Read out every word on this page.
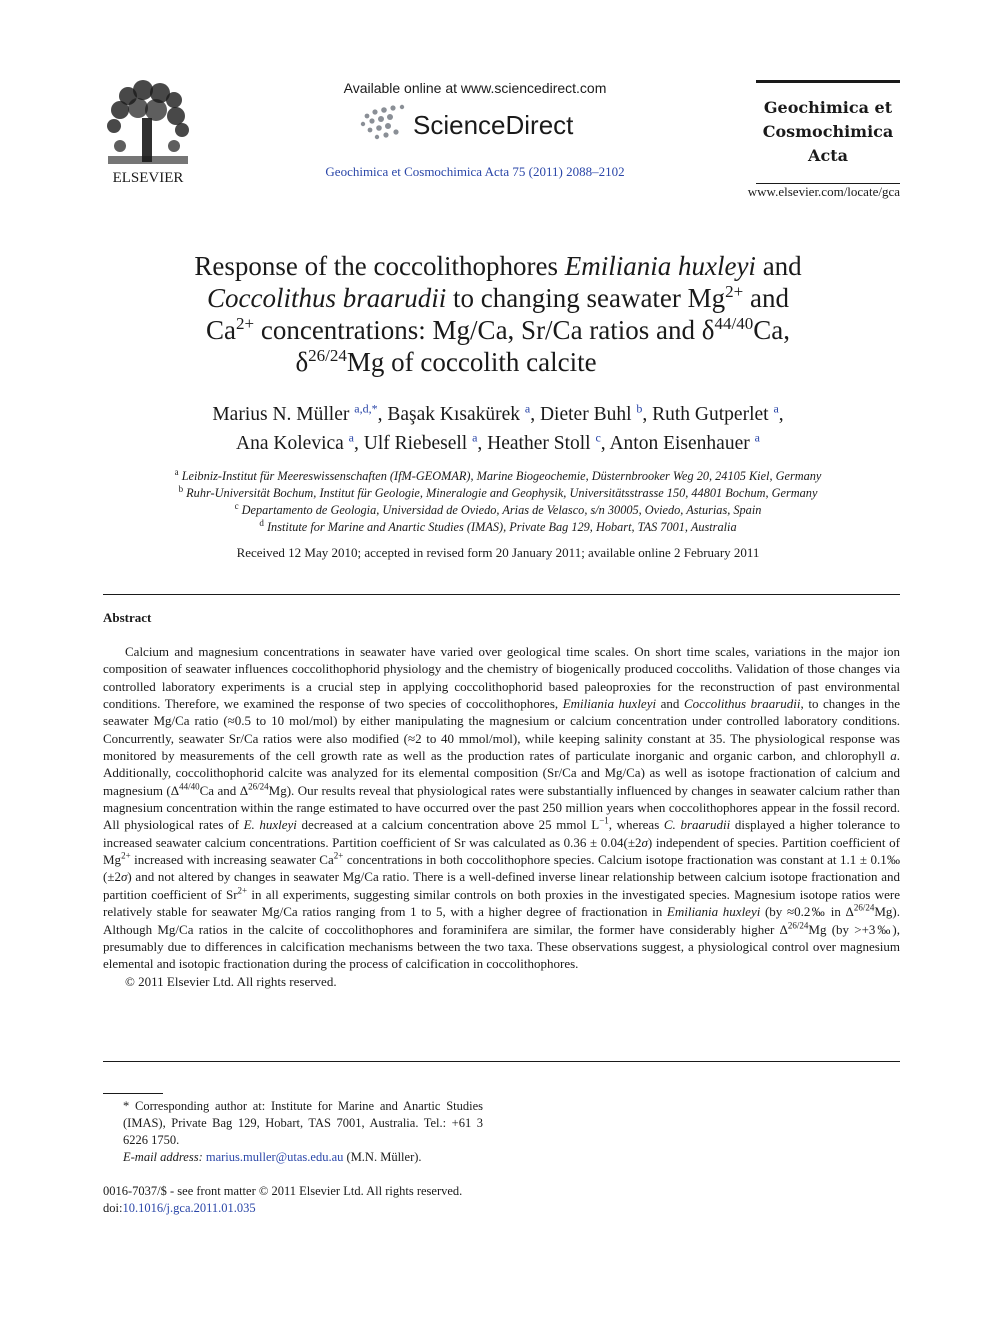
ELSEVIER
Available online at www.sciencedirect.com
ScienceDirect
Geochimica et Cosmochimica Acta 75 (2011) 2088–2102
Geochimica et
Cosmochimica
Acta
www.elsevier.com/locate/gca
Response of the coccolithophores Emiliania huxleyi and
Coccolithus braarudii to changing seawater $Mg^{2+}$ and
$Ca^{2+}$ concentrations: Mg/Ca, Sr/Ca ratios and $\delta^{44/40}Ca$,
$\delta^{26/24}Mg$ of coccolith calcite
Marius N. Müller $^{a,d,*}$, Başak Kısakürek $^a$, Dieter Buhl $^b$, Ruth Gutperlet $^a$,
Ana Kolevica $^a$, Ulf Riebesell $^a$, Heather Stoll $^c$, Anton Eisenhauer $^a$
$^a$ Leibniz-Institut für Meereswissenschaften (IfM-GEOMAR), Marine Biogeochemie, Düsternbrooker Weg 20, 24105 Kiel, Germany
$^b$ Ruhr-Universität Bochum, Institut für Geologie, Mineralogie and Geophysik, Universitätsstrasse 150, 44801 Bochum, Germany
$^c$ Departamento de Geologia, Universidad de Oviedo, Arias de Velasco, s/n 30005, Oviedo, Asturias, Spain
$^d$ Institute for Marine and Anartic Studies (IMAS), Private Bag 129, Hobart, TAS 7001, Australia
Received 12 May 2010; accepted in revised form 20 January 2011; available online 2 February 2011
Abstract

Calcium and magnesium concentrations in seawater have varied over geological time scales. On short time scales, variations in the major ion composition of seawater influences coccolithophorid physiology and the chemistry of biogenically produced coccoliths. Validation of those changes via controlled laboratory experiments is a crucial step in applying coccolithophorid based paleoproxies for the reconstruction of past environmental conditions. Therefore, we examined the response of two species of coccolithophores, Emiliania huxleyi and Coccolithus braarudii, to changes in the seawater Mg/Ca ratio (≈0.5 to 10 mol/mol) by either manipulating the magnesium or calcium concentration under controlled laboratory conditions. Concurrently, seawater Sr/Ca ratios were also modified (≈2 to 40 mmol/mol), while keeping salinity constant at 35. The physiological response was monitored by measurements of the cell growth rate as well as the production rates of particulate inorganic and organic carbon, and chlorophyll a. Additionally, coccolithophorid calcite was analyzed for its elemental composition (Sr/Ca and Mg/Ca) as well as isotope fractionation of calcium and magnesium ($\Delta^{44/40}Ca$ and $\Delta^{26/24}Mg$). Our results reveal that physiological rates were substantially influenced by changes in seawater calcium rather than magnesium concentration within the range estimated to have occurred over the past 250 million years when coccolithophores appear in the fossil record. All physiological rates of E. huxleyi decreased at a calcium concentration above 25 mmol $L^{-1}$, whereas C. braarudii displayed a higher tolerance to increased seawater calcium concentrations. Partition coefficient of Sr was calculated as 0.36 ± 0.04(±2σ) independent of species. Partition coefficient of $Mg^{2+}$ increased with increasing seawater $Ca^{2+}$ concentrations in both coccolithophore species. Calcium isotope fractionation was constant at 1.1 ± 0.1‰ (±2σ) and not altered by changes in seawater Mg/Ca ratio. There is a well-defined inverse linear relationship between calcium isotope fractionation and partition coefficient of $Sr^{2+}$ in all experiments, suggesting similar controls on both proxies in the investigated species. Magnesium isotope ratios were relatively stable for seawater Mg/Ca ratios ranging from 1 to 5, with a higher degree of fractionation in Emiliania huxleyi (by ≈0.2‰ in $\Delta^{26/24}Mg$). Although Mg/Ca ratios in the calcite of coccolithophores and foraminifera are similar, the former have considerably higher $\Delta^{26/24}Mg$ (by >+3‰), presumably due to differences in calcification mechanisms between the two taxa. These observations suggest, a physiological control over magnesium elemental and isotopic fractionation during the process of calcification in coccolithophores.

© 2011 Elsevier Ltd. All rights reserved.

* Corresponding author at: Institute for Marine and Anartic Studies (IMAS), Private Bag 129, Hobart, TAS 7001, Australia. Tel.: +61 3 6226 1750.
E-mail address: marius.muller@utas.edu.au (M.N. Müller).
0016-7037/$ - see front matter © 2011 Elsevier Ltd. All rights reserved.
doi:10.1016/j.gca.2011.01.035
